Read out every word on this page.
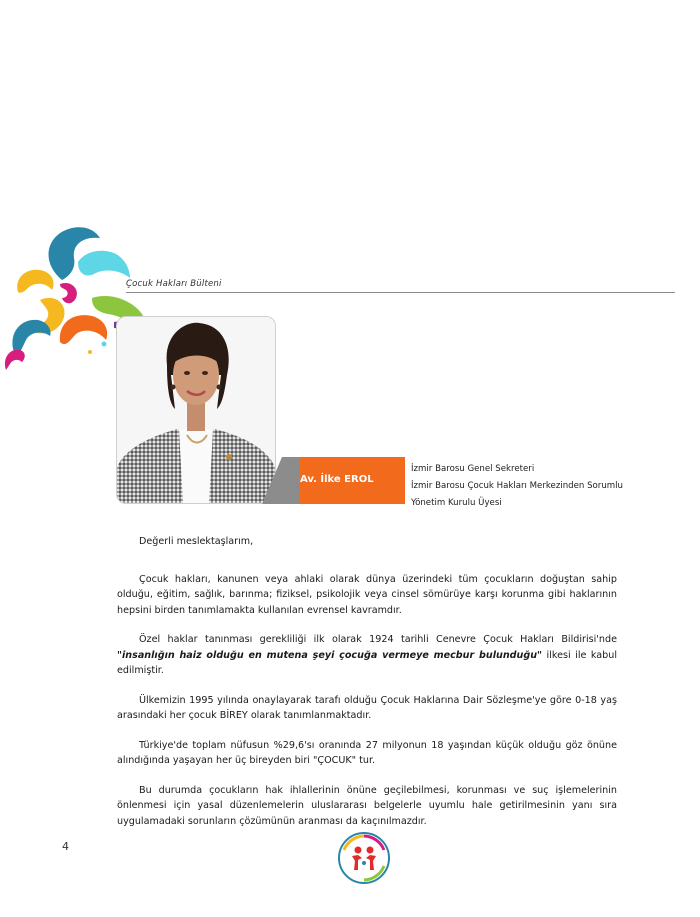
Çocuk Hakları Bülteni
Av. İlke EROL
İzmir Barosu Genel Sekreteri
İzmir Barosu Çocuk Hakları Merkezinden Sorumlu
Yönetim Kurulu Üyesi

Değerli meslektaşlarım,

Çocuk hakları, kanunen veya ahlaki olarak dünya üzerindeki tüm çocukların doğuştan sahip olduğu, eğitim, sağlık, barınma; fiziksel, psikolojik veya cinsel sömürüye karşı korunma gibi haklarının hepsini birden tanımlamakta kullanılan evrensel kavramdır.

Özel haklar tanınması gerekliliği ilk olarak 1924 tarihli Cenevre Çocuk Hakları Bildirisi'nde "insanlığın haiz olduğu en mutena şeyi çocuğa vermeye mecbur bulunduğu" ilkesi ile kabul edilmiştir.

Ülkemizin 1995 yılında onaylayarak tarafı olduğu Çocuk Haklarına Dair Sözleşme'ye göre 0-18 yaş arasındaki her çocuk BİREY olarak tanımlanmaktadır.

Türkiye'de toplam nüfusun %29,6'sı oranında 27 milyonun 18 yaşından küçük olduğu göz önüne alındığında yaşayan her üç bireyden biri "ÇOCUK" tur.

Bu durumda çocukların hak ihlallerinin önüne geçilebilmesi, korunması ve suç işlemelerinin önlenmesi için yasal düzenlemelerin uluslararası belgelerle uyumlu hale getirilmesinin yanı sıra uygulamadaki sorunların çözümünün aranması da kaçınılmazdır.

4
